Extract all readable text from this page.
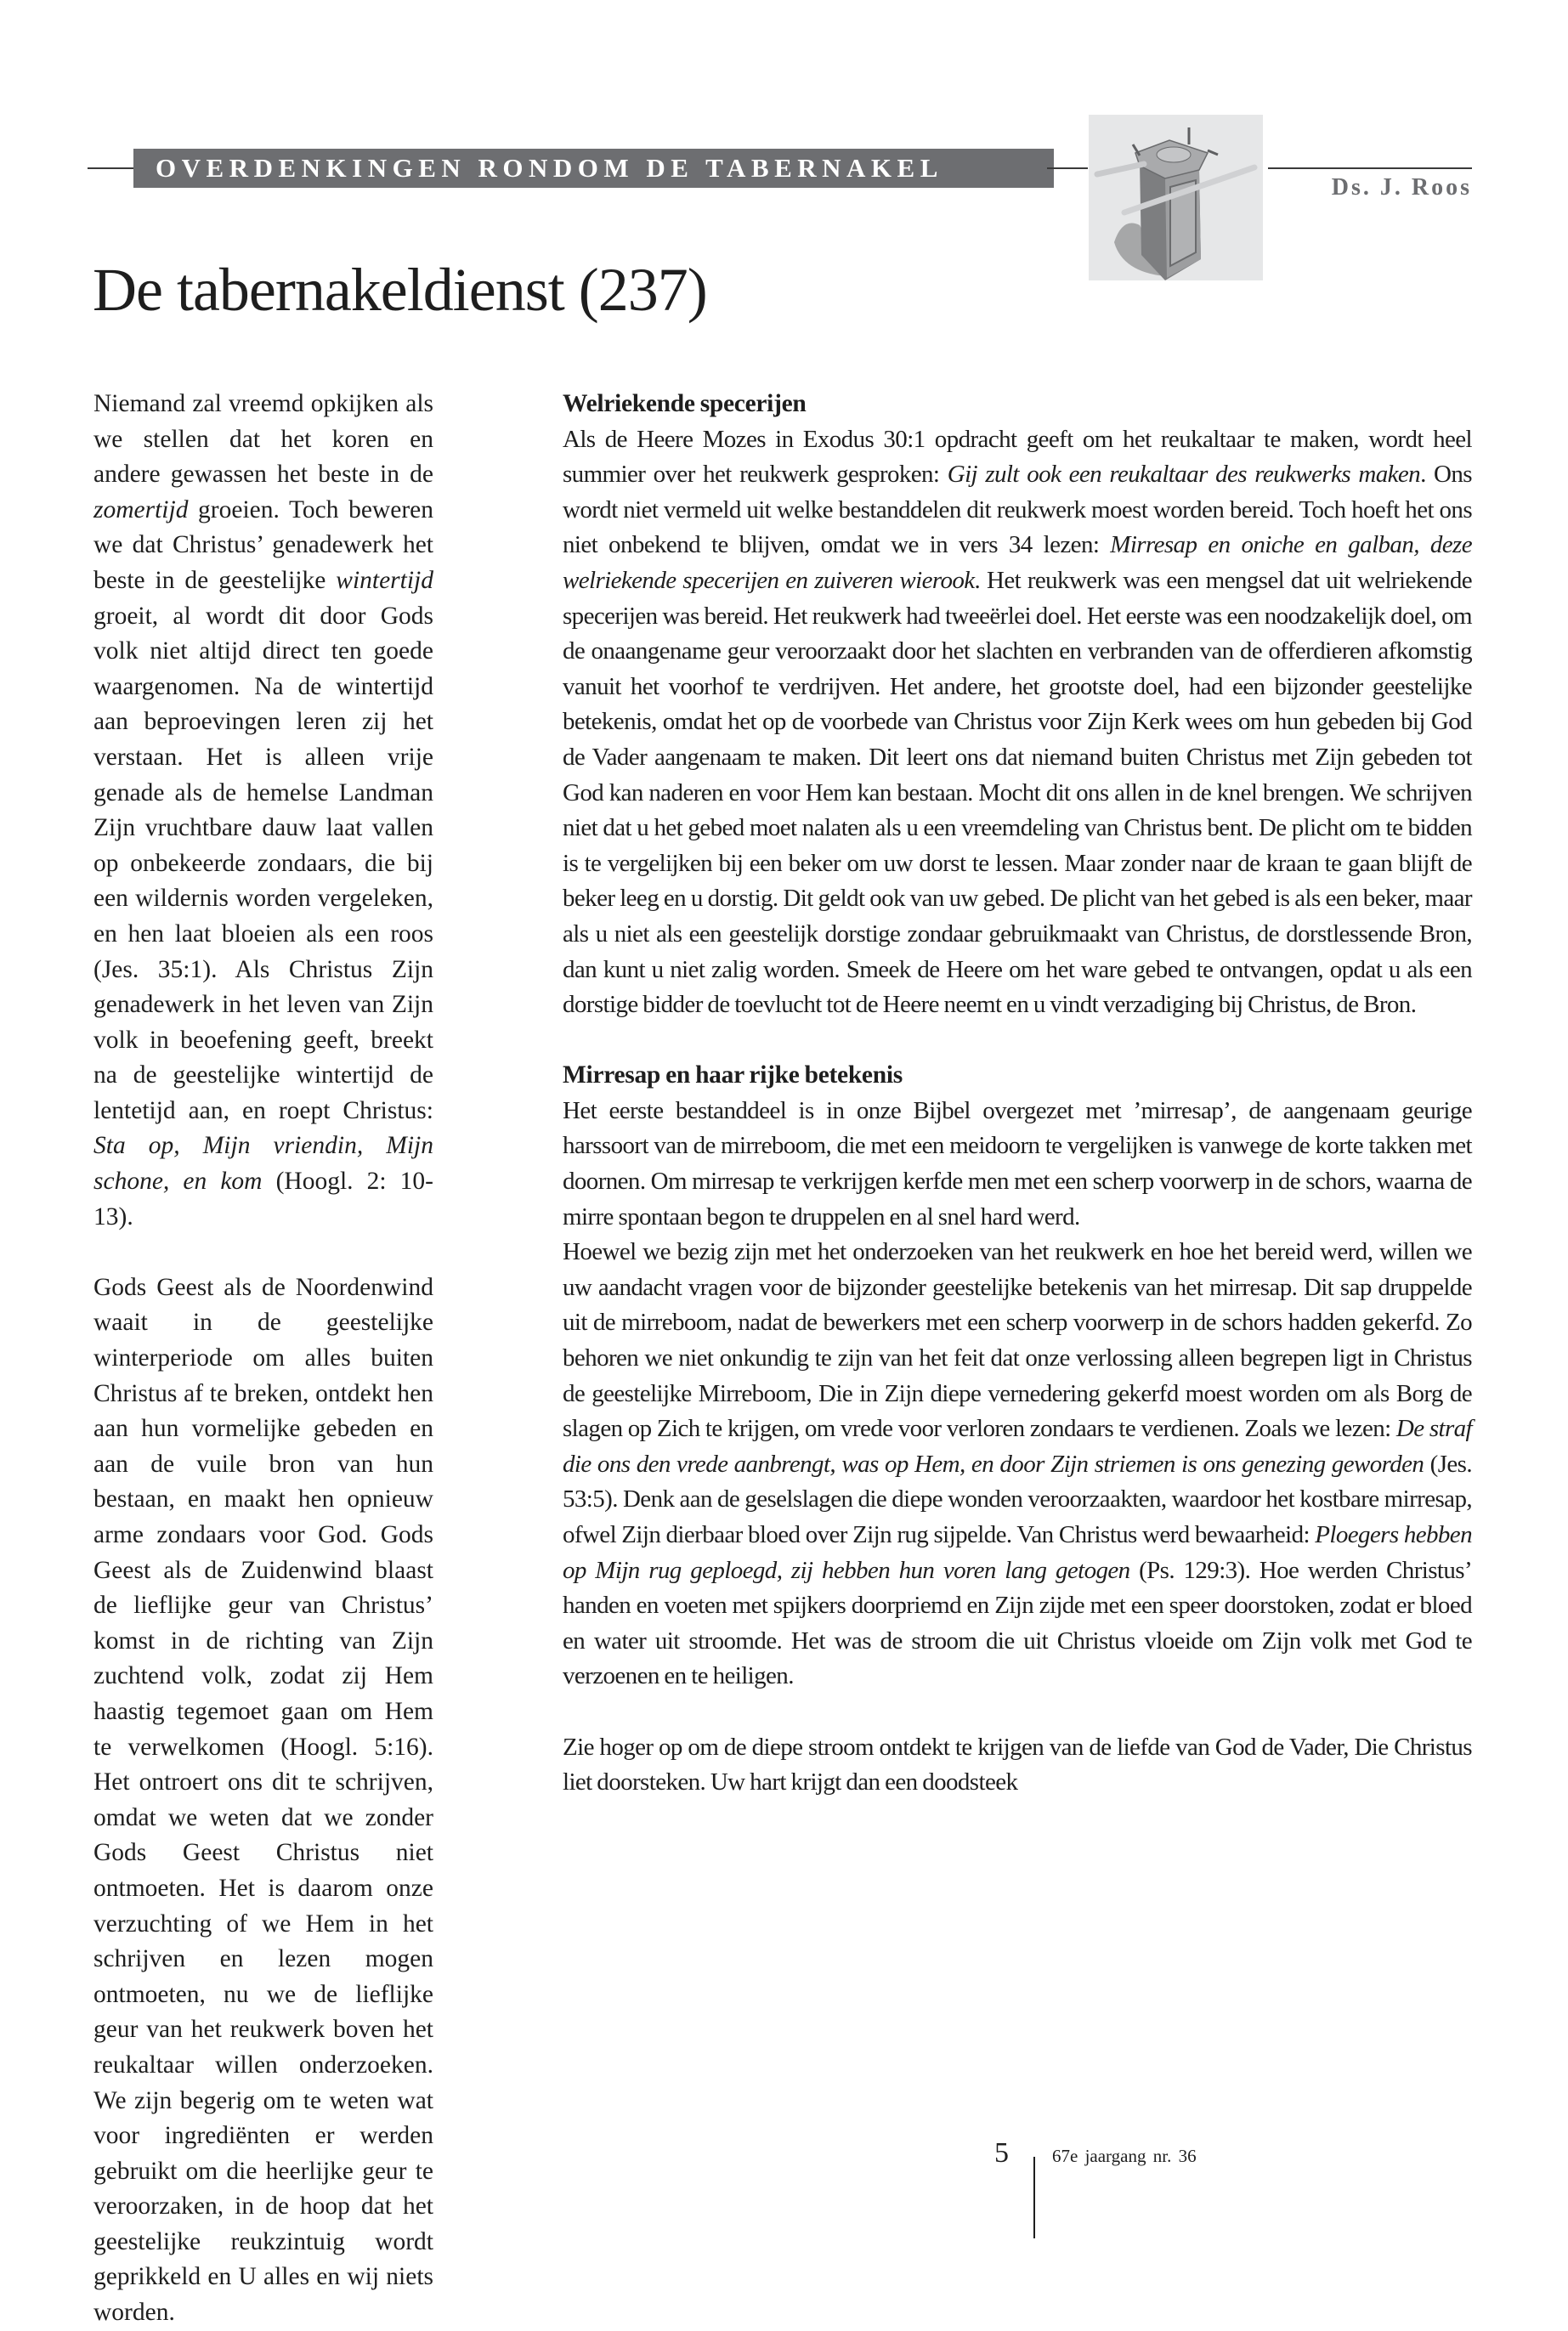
OVERDENKINGEN RONDOM DE TABERNAKEL
Ds. J. Roos
De tabernakeldienst (237)

Niemand zal vreemd opkijken als we stellen dat het koren en andere gewassen het beste in de zomertijd groeien. Toch beweren we dat Christus’ genadewerk het beste in de geestelijke wintertijd groeit, al wordt dit door Gods volk niet altijd direct ten goede waargenomen. Na de wintertijd aan beproevingen leren zij het verstaan. Het is alleen vrije genade als de hemelse Landman Zijn vruchtbare dauw laat vallen op onbekeerde zondaars, die bij een wildernis worden vergeleken, en hen laat bloeien als een roos (Jes. 35:1). Als Christus Zijn genadewerk in het leven van Zijn volk in beoefening geeft, breekt na de geestelijke wintertijd de lentetijd aan, en roept Christus: Sta op, Mijn vriendin, Mijn schone, en kom (Hoogl. 2: 10-13).

Gods Geest als de Noordenwind waait in de geestelijke winterperiode om alles buiten Christus af te breken, ontdekt hen aan hun vormelijke gebeden en aan de vuile bron van hun bestaan, en maakt hen opnieuw arme zondaars voor God. Gods Geest als de Zuidenwind blaast de lieflijke geur van Christus’ komst in de richting van Zijn zuchtend volk, zodat zij Hem haastig tegemoet gaan om Hem te verwelkomen (Hoogl. 5:16). Het ontroert ons dit te schrijven, omdat we weten dat we zonder Gods Geest Christus niet ontmoeten. Het is daarom onze verzuchting of we Hem in het schrijven en lezen mogen ontmoeten, nu we de lieflijke geur van het reukwerk boven het reukaltaar willen onderzoeken. We zijn begerig om te weten wat voor ingrediënten er werden gebruikt om die heerlijke geur te veroorzaken, in de hoop dat het geestelijke reukzintuig wordt geprikkeld en U alles en wij niets worden.

Welriekende specerijen

Als de Heere Mozes in Exodus 30:1 opdracht geeft om het reukaltaar te maken, wordt heel summier over het reukwerk gesproken: Gij zult ook een reukaltaar des reukwerks maken. Ons wordt niet vermeld uit welke bestanddelen dit reukwerk moest worden bereid. Toch hoeft het ons niet onbekend te blijven, omdat we in vers 34 lezen: Mirresap en oniche en galban, deze welriekende specerijen en zuiveren wierook. Het reukwerk was een mengsel dat uit welriekende specerijen was bereid. Het reukwerk had tweeërlei doel. Het eerste was een noodzakelijk doel, om de onaangename geur veroorzaakt door het slachten en verbranden van de offerdieren afkomstig vanuit het voorhof te verdrijven. Het andere, het grootste doel, had een bijzonder geestelijke betekenis, omdat het op de voorbede van Christus voor Zijn Kerk wees om hun gebeden bij God de Vader aangenaam te maken. Dit leert ons dat niemand buiten Christus met Zijn gebeden tot God kan naderen en voor Hem kan bestaan. Mocht dit ons allen in de knel brengen. We schrijven niet dat u het gebed moet nalaten als u een vreemdeling van Christus bent. De plicht om te bidden is te vergelijken bij een beker om uw dorst te lessen. Maar zonder naar de kraan te gaan blijft de beker leeg en u dorstig. Dit geldt ook van uw gebed. De plicht van het gebed is als een beker, maar als u niet als een geestelijk dorstige zondaar gebruikmaakt van Christus, de dorstlessende Bron, dan kunt u niet zalig worden. Smeek de Heere om het ware gebed te ontvangen, opdat u als een dorstige bidder de toevlucht tot de Heere neemt en u vindt verzadiging bij Christus, de Bron.

Mirresap en haar rijke betekenis

Het eerste bestanddeel is in onze Bijbel overgezet met ’mirresap’, de aangenaam geurige harssoort van de mirreboom, die met een meidoorn te vergelijken is vanwege de korte takken met doornen. Om mirresap te verkrijgen kerfde men met een scherp voorwerp in de schors, waarna de mirre spontaan begon te druppelen en al snel hard werd.

Hoewel we bezig zijn met het onderzoeken van het reukwerk en hoe het bereid werd, willen we uw aandacht vragen voor de bijzonder geestelijke betekenis van het mirresap. Dit sap druppelde uit de mirreboom, nadat de bewerkers met een scherp voorwerp in de schors hadden gekerfd. Zo behoren we niet onkundig te zijn van het feit dat onze verlossing alleen begrepen ligt in Christus de geestelijke Mirreboom, Die in Zijn diepe vernedering gekerfd moest worden om als Borg de slagen op Zich te krijgen, om vrede voor verloren zondaars te verdienen. Zoals we lezen: De straf die ons den vrede aanbrengt, was op Hem, en door Zijn striemen is ons genezing geworden (Jes. 53:5). Denk aan de geselslagen die diepe wonden veroorzaakten, waardoor het kostbare mirresap, ofwel Zijn dierbaar bloed over Zijn rug sijpelde. Van Christus werd bewaarheid: Ploegers hebben op Mijn rug geploegd, zij hebben hun voren lang getogen (Ps. 129:3). Hoe werden Christus’ handen en voeten met spijkers doorpriemd en Zijn zijde met een speer doorstoken, zodat er bloed en water uit stroomde. Het was de stroom die uit Christus vloeide om Zijn volk met God te verzoenen en te heiligen.

Zie hoger op om de diepe stroom ontdekt te krijgen van de liefde van God de Vader, Die Christus liet doorsteken. Uw hart krijgt dan een doodsteek

5 67e jaargang nr. 36
